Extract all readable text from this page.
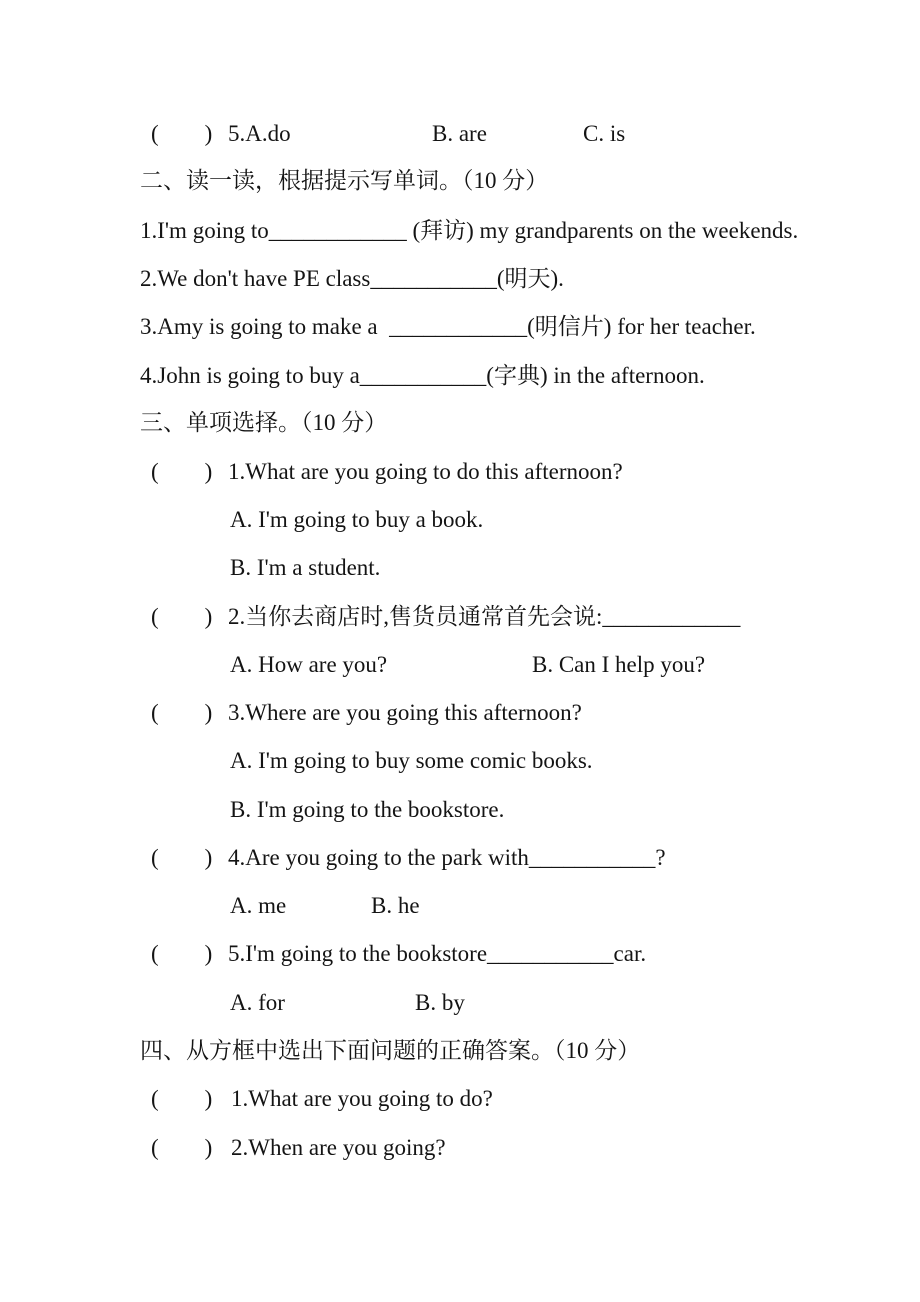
(        ) 5.A.do	B. are	C. is
二、读一读，根据提示写单词。（10 分）
1.I'm going to____________ (拜访) my grandparents on the weekends.
2.We don't have PE class___________(明天).
3.Amy is going to make a  ____________(明信片) for her teacher.
4.John is going to buy a___________(字典) in the afternoon.
三、单项选择。（10 分）
(        ) 1.What are you going to do this afternoon?
A. I'm going to buy a book.
B. I'm a student.
(        ) 2.当你去商店时,售货员通常首先会说:____________
A. How are you?	B. Can I help you?
(        ) 3.Where are you going this afternoon?
A. I'm going to buy some comic books.
B. I'm going to the bookstore.
(        ) 4.Are you going to the park with___________?
A. me	B. he
(        ) 5.I'm going to the bookstore___________car.
A. for	B. by
四、从方框中选出下面问题的正确答案。（10 分）
(        ) 1.What are you going to do?
(        ) 2.When are you going?
